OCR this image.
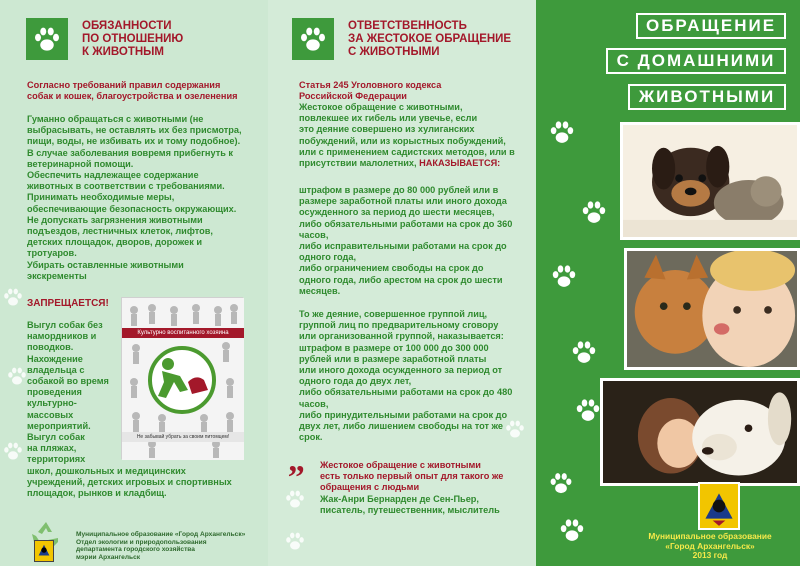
ОБЯЗАННОСТИ
ПО ОТНОШЕНИЮ
К ЖИВОТНЫМ

Согласно требований правил содержания

собак и кошек, благоустройства и озеленения

Гуманно обращаться с животными (не

выбрасывать, не оставлять их без присмотра,

пищи, воды, не избивать их и тому подобное).

В случае заболевания вовремя прибегнуть к

ветеринарной помощи.

Обеспечить надлежащее содержание

животных в соответствии с требованиями.

Принимать необходимые меры,

обеспечивающие безопасность окружающих.

Не допускать загрязнения животными

подъездов, лестничных клеток, лифтов,

детских площадок, дворов, дорожек и

тротуаров.

Убирать оставленные животными

экскременты

ЗАПРЕЩАЕТСЯ!

Выгул собак без

намордников и

поводков.

Нахождение

владельца с

собакой во время

проведения

культурно-

массовых

мероприятий.

Выгул собак

на пляжах,

территориях

школ, дошкольных и медицинских

учреждений, детских игровых и спортивных

площадок, рынков и кладбищ.

Культурно воспитанного хозяина
Не забывай убрать за своим питомцем!
Муниципальное образование «Город Архангельск»
Отдел экологии и природопользования
департамента городского хозяйства
мэрии Архангельск
ОТВЕТСТВЕННОСТЬ
ЗА ЖЕСТОКОЕ ОБРАЩЕНИЕ
С ЖИВОТНЫМИ

Статья 245 Уголовного кодекса

Российской Федерации

Жестокое обращение с животными,

повлекшее их гибель или увечье, если

это деяние совершено из хулиганских

побуждений, или из корыстных побуждений,

или с применением садистских методов, или в

присутствии малолетних, НАКАЗЫВАЕТСЯ:

штрафом в размере до 80 000 рублей или в

размере заработной платы или иного дохода

осужденного за период до шести месяцев,

либо обязательными работами на срок до 360

часов,

либо исправительными работами на срок до

одного года,

либо ограничением свободы на срок до

одного года, либо арестом на срок до шести

месяцев.

То же деяние, совершенное группой лиц,

группой лиц по предварительному сговору

или организованной группой, наказывается:

штрафом в размере от 100 000 до 300 000

рублей или в размере заработной платы

или иного дохода осужденного за период от

одного года до двух лет,

либо обязательными работами на срок до 480

часов,

либо принудительными работами на срок до

двух лет, либо лишением свободы на тот же

срок.

„ Жестокое обращение с животными

есть только первый опыт для такого же

обращения с людьми

Жак-Анри Бернарден де Сен-Пьер,

писатель, путешественник, мыслитель

ОБРАЩЕНИЕ
С ДОМАШНИМИ
ЖИВОТНЫМИ
Муниципальное образование
«Город Архангельск»
2013 год
